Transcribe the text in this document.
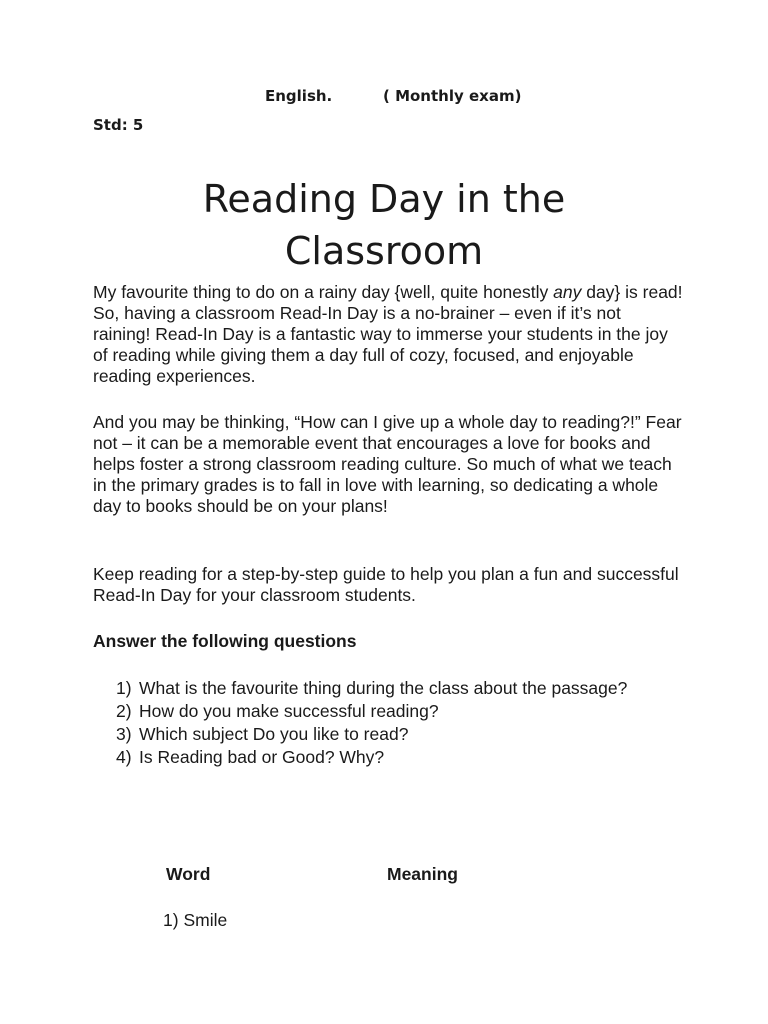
English.	( Monthly exam)
Std: 5
Reading Day in the
Classroom

My favourite thing to do on a rainy day {well, quite honestly any day} is read! So, having a classroom Read-In Day is a no-brainer – even if it’s not raining! Read-In Day is a fantastic way to immerse your students in the joy of reading while giving them a day full of cozy, focused, and enjoyable reading experiences.

And you may be thinking, “How can I give up a whole day to reading?!” Fear not – it can be a memorable event that encourages a love for books and helps foster a strong classroom reading culture. So much of what we teach in the primary grades is to fall in love with learning, so dedicating a whole day to books should be on your plans!

Keep reading for a step-by-step guide to help you plan a fun and successful Read-In Day for your classroom students.

Answer the following questions
1) What is the favourite thing during the class about the passage?
2) How do you make successful reading?
3) Which subject Do you like to read?
4) Is Reading bad or Good? Why?
Word	Meaning
1) Smile
